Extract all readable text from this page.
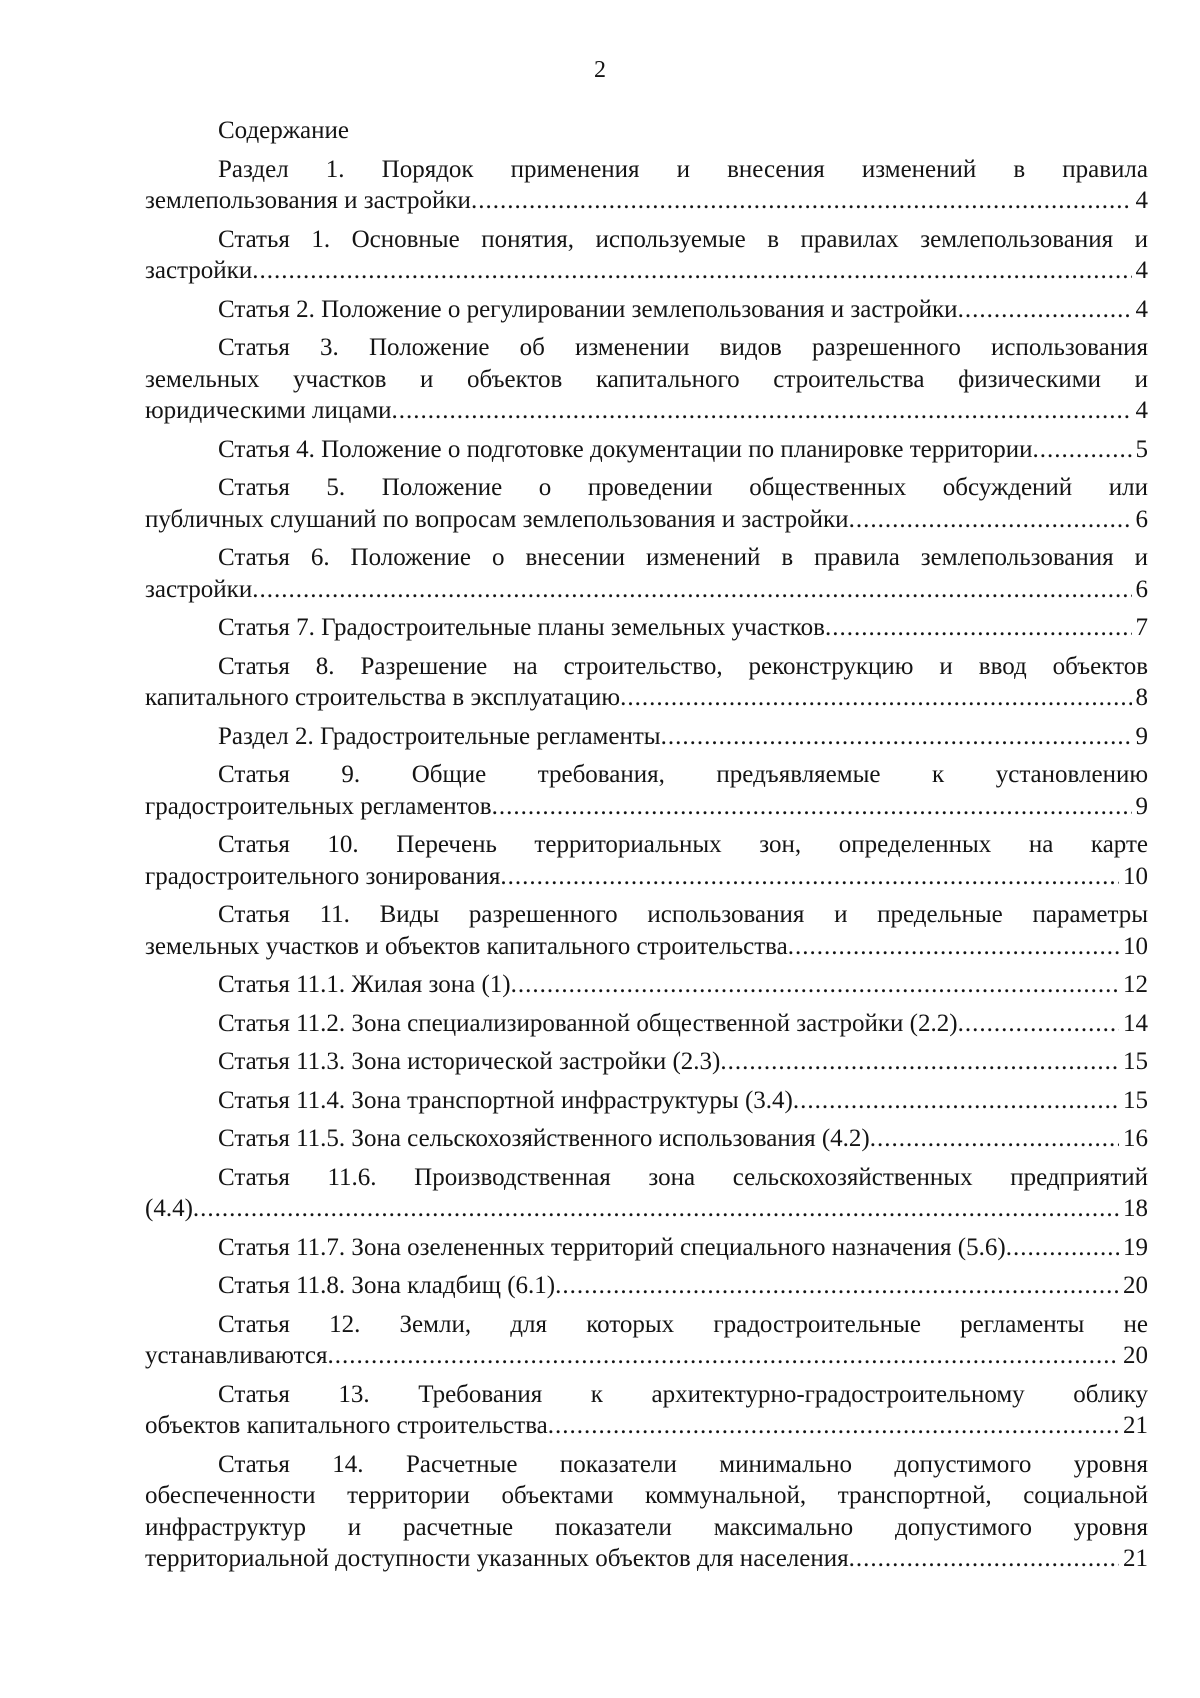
2
Содержание
Раздел 1. Порядок применения и внесения изменений в правила
землепользования и застройки .....	4
Статья 1. Основные понятия, используемые в правилах землепользования и
застройки .....	4
Статья 2. Положение о регулировании землепользования и застройки .....	4
Статья 3. Положение об изменении видов разрешенного использования
земельных участков и объектов капитального строительства физическими и
юридическими лицами .....	4
Статья 4. Положение о подготовке документации по планировке территории .....	5
Статья 5. Положение о проведении общественных обсуждений или
публичных слушаний по вопросам землепользования и застройки .....	6
Статья 6. Положение о внесении изменений в правила землепользования и
застройки .....	6
Статья 7. Градостроительные планы земельных участков .....	7
Статья 8. Разрешение на строительство, реконструкцию и ввод объектов
капитального строительства в эксплуатацию .....	8
Раздел 2. Градостроительные регламенты .....	9
Статья 9. Общие требования, предъявляемые к установлению
градостроительных регламентов .....	9
Статья 10. Перечень территориальных зон, определенных на карте
градостроительного зонирования .....	10
Статья 11. Виды разрешенного использования и предельные параметры
земельных участков и объектов капитального строительства .....	10
Статья 11.1. Жилая зона (1) .....	12
Статья 11.2. Зона специализированной общественной застройки (2.2) .....	14
Статья 11.3. Зона исторической застройки (2.3) .....	15
Статья 11.4. Зона транспортной инфраструктуры (3.4) .....	15
Статья 11.5. Зона сельскохозяйственного использования (4.2) .....	16
Статья 11.6. Производственная зона сельскохозяйственных предприятий
(4.4) .....	18
Статья 11.7. Зона озелененных территорий специального назначения (5.6) .....	19
Статья 11.8. Зона кладбищ (6.1) .....	20
Статья 12. Земли, для которых градостроительные регламенты не
устанавливаются .....	20
Статья 13. Требования к архитектурно-градостроительному облику
объектов капитального строительства .....	21
Статья 14. Расчетные показатели минимально допустимого уровня
обеспеченности территории объектами коммунальной, транспортной, социальной
инфраструктур и расчетные показатели максимально допустимого уровня
территориальной доступности указанных объектов для населения .....	21
